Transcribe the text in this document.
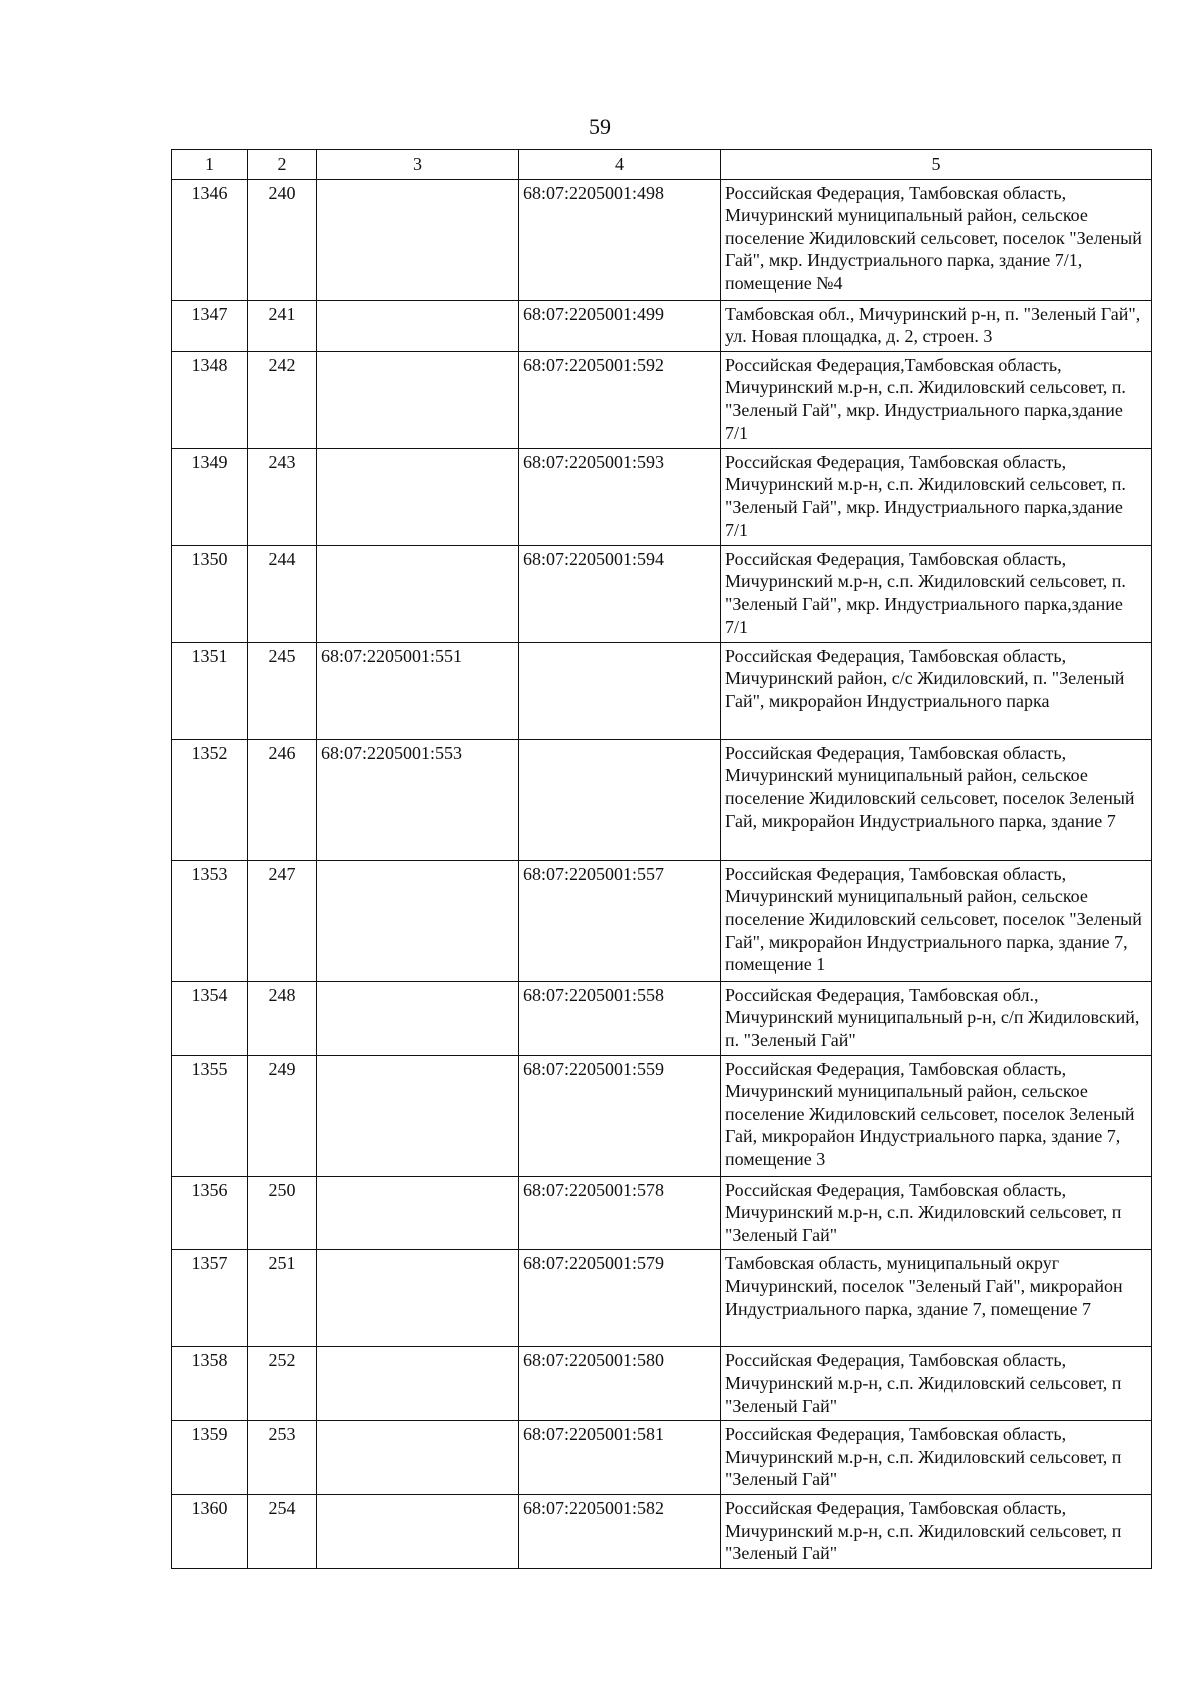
59
1	2	3	4	5
1346	240		68:07:2205001:498	Российская Федерация, Тамбовская область, Мичуринский муниципальный район, сельское поселение Жидиловский сельсовет, поселок "Зеленый Гай", мкр. Индустриального парка, здание 7/1, помещение №4
1347	241		68:07:2205001:499	Тамбовская обл., Мичуринский р-н, п. "Зеленый Гай", ул. Новая площадка, д. 2, строен. 3
1348	242		68:07:2205001:592	Российская Федерация,Тамбовская область, Мичуринский м.р-н, с.п. Жидиловский сельсовет, п. "Зеленый Гай", мкр. Индустриального парка,здание 7/1
1349	243		68:07:2205001:593	Российская Федерация, Тамбовская область, Мичуринский м.р-н, с.п. Жидиловский сельсовет, п. "Зеленый Гай", мкр. Индустриального парка,здание 7/1
1350	244		68:07:2205001:594	Российская Федерация, Тамбовская область, Мичуринский м.р-н, с.п. Жидиловский сельсовет, п. "Зеленый Гай", мкр. Индустриального парка,здание 7/1
1351	245	68:07:2205001:551		Российская Федерация, Тамбовская область, Мичуринский район, с/с Жидиловский, п. "Зеленый Гай", микрорайон Индустриального парка
1352	246	68:07:2205001:553		Российская Федерация, Тамбовская область, Мичуринский муниципальный район, сельское поселение Жидиловский сельсовет, поселок Зеленый Гай, микрорайон Индустриального парка, здание 7
1353	247		68:07:2205001:557	Российская Федерация, Тамбовская область, Мичуринский муниципальный район, сельское поселение Жидиловский сельсовет, поселок "Зеленый Гай", микрорайон Индустриального парка, здание 7, помещение 1
1354	248		68:07:2205001:558	Российская Федерация, Тамбовская обл., Мичуринский муниципальный р-н, с/п Жидиловский, п. "Зеленый Гай"
1355	249		68:07:2205001:559	Российская Федерация, Тамбовская область, Мичуринский муниципальный район, сельское поселение Жидиловский сельсовет, поселок Зеленый Гай, микрорайон Индустриального парка, здание 7, помещение 3
1356	250		68:07:2205001:578	Российская Федерация, Тамбовская область, Мичуринский м.р-н, с.п. Жидиловский сельсовет, п "Зеленый Гай"
1357	251		68:07:2205001:579	Тамбовская область, муниципальный округ Мичуринский, поселок "Зеленый Гай", микрорайон Индустриального парка, здание 7, помещение 7
1358	252		68:07:2205001:580	Российская Федерация, Тамбовская область, Мичуринский м.р-н, с.п. Жидиловский сельсовет, п "Зеленый Гай"
1359	253		68:07:2205001:581	Российская Федерация, Тамбовская область, Мичуринский м.р-н, с.п. Жидиловский сельсовет, п "Зеленый Гай"
1360	254		68:07:2205001:582	Российская Федерация, Тамбовская область, Мичуринский м.р-н, с.п. Жидиловский сельсовет, п "Зеленый Гай"
